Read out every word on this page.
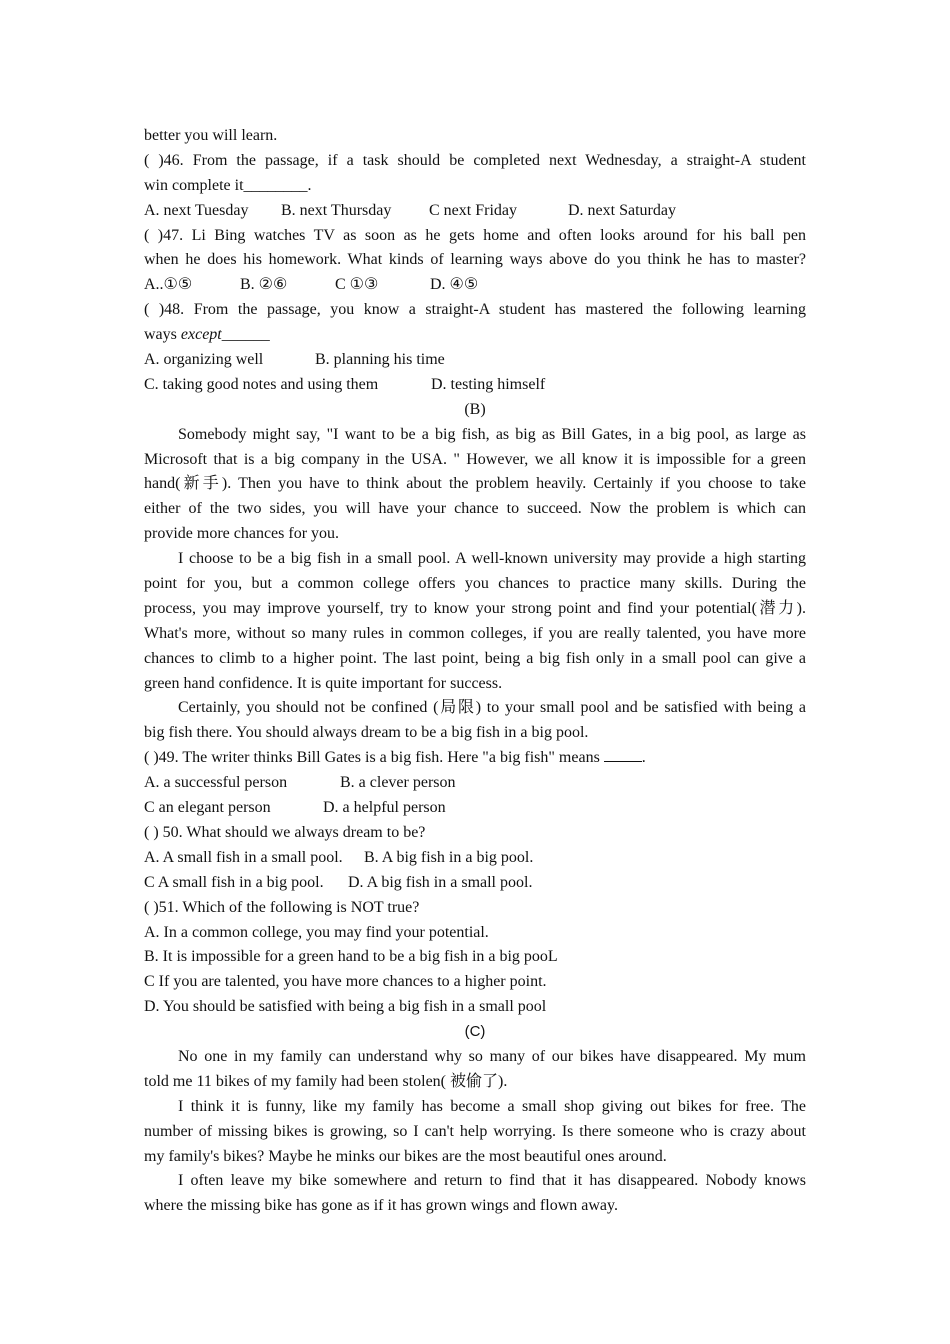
better you will learn.
( )46. From the passage, if a task should be completed next Wednesday, a straight-A student
win complete it________.
A. next Tuesday B. next Thursday C next Friday	D. next Saturday
( )47. Li Bing watches TV as soon as he gets home and often looks around for his ball pen
when he does his homework. What kinds of learning ways above do you think he has to master?
A..①⑤	B. ②⑥	C ①③	D. ④⑤
( )48. From the passage, you know a straight-A student has mastered the following learning
ways except______
A. organizing well	B. planning his time
C. taking good notes and using them	D. testing himself
(B)
Somebody might say, "I want to be a big fish, as big as Bill Gates, in a big pool, as large as
Microsoft that is a big company in the USA. " However, we all know it is impossible for a green
hand(新手). Then you have to think about the problem heavily. Certainly if you choose to take
either of the two sides, you will have your chance to succeed. Now the problem is which can
provide more chances for you.
I choose to be a big fish in a small pool. A well-known university may provide a high starting
point for you, but a common college offers you chances to practice many skills. During the
process, you may improve yourself, try to know your strong point and find your potential(潜力).
What's more, without so many rules in common colleges, if you are really talented, you have more
chances to climb to a higher point. The last point, being a big fish only in a small pool can give a
green hand confidence. It is quite important for success.
Certainly, you should not be confined (局限) to your small pool and be satisfied with being a
big fish there. You should always dream to be a big fish in a big pool.
( )49. The writer thinks Bill Gates is a big fish. Here "a big fish" means .
A. a successful person	B. a clever person
C an elegant person	D. a helpful person
( ) 50. What should we always dream to be?
A. A small fish in a small pool. B. A big fish in a big pool.
C A small fish in a big pool. D. A big fish in a small pool.
( )51. Which of the following is NOT true?
A. In a common college, you may find your potential.
B. It is impossible for a green hand to be a big fish in a big pooL
C If you are talented, you have more chances to a higher point.
D. You should be satisfied with being a big fish in a small pool
(C)
No one in my family can understand why so many of our bikes have disappeared. My mum
told me 11 bikes of my family had been stolen( 被偷了).
I think it is funny, like my family has become a small shop giving out bikes for free. The
number of missing bikes is growing, so I can't help worrying. Is there someone who is crazy about
my family's bikes? Maybe he minks our bikes are the most beautiful ones around.
I often leave my bike somewhere and return to find that it has disappeared. Nobody knows
where the missing bike has gone as if it has grown wings and flown away.
